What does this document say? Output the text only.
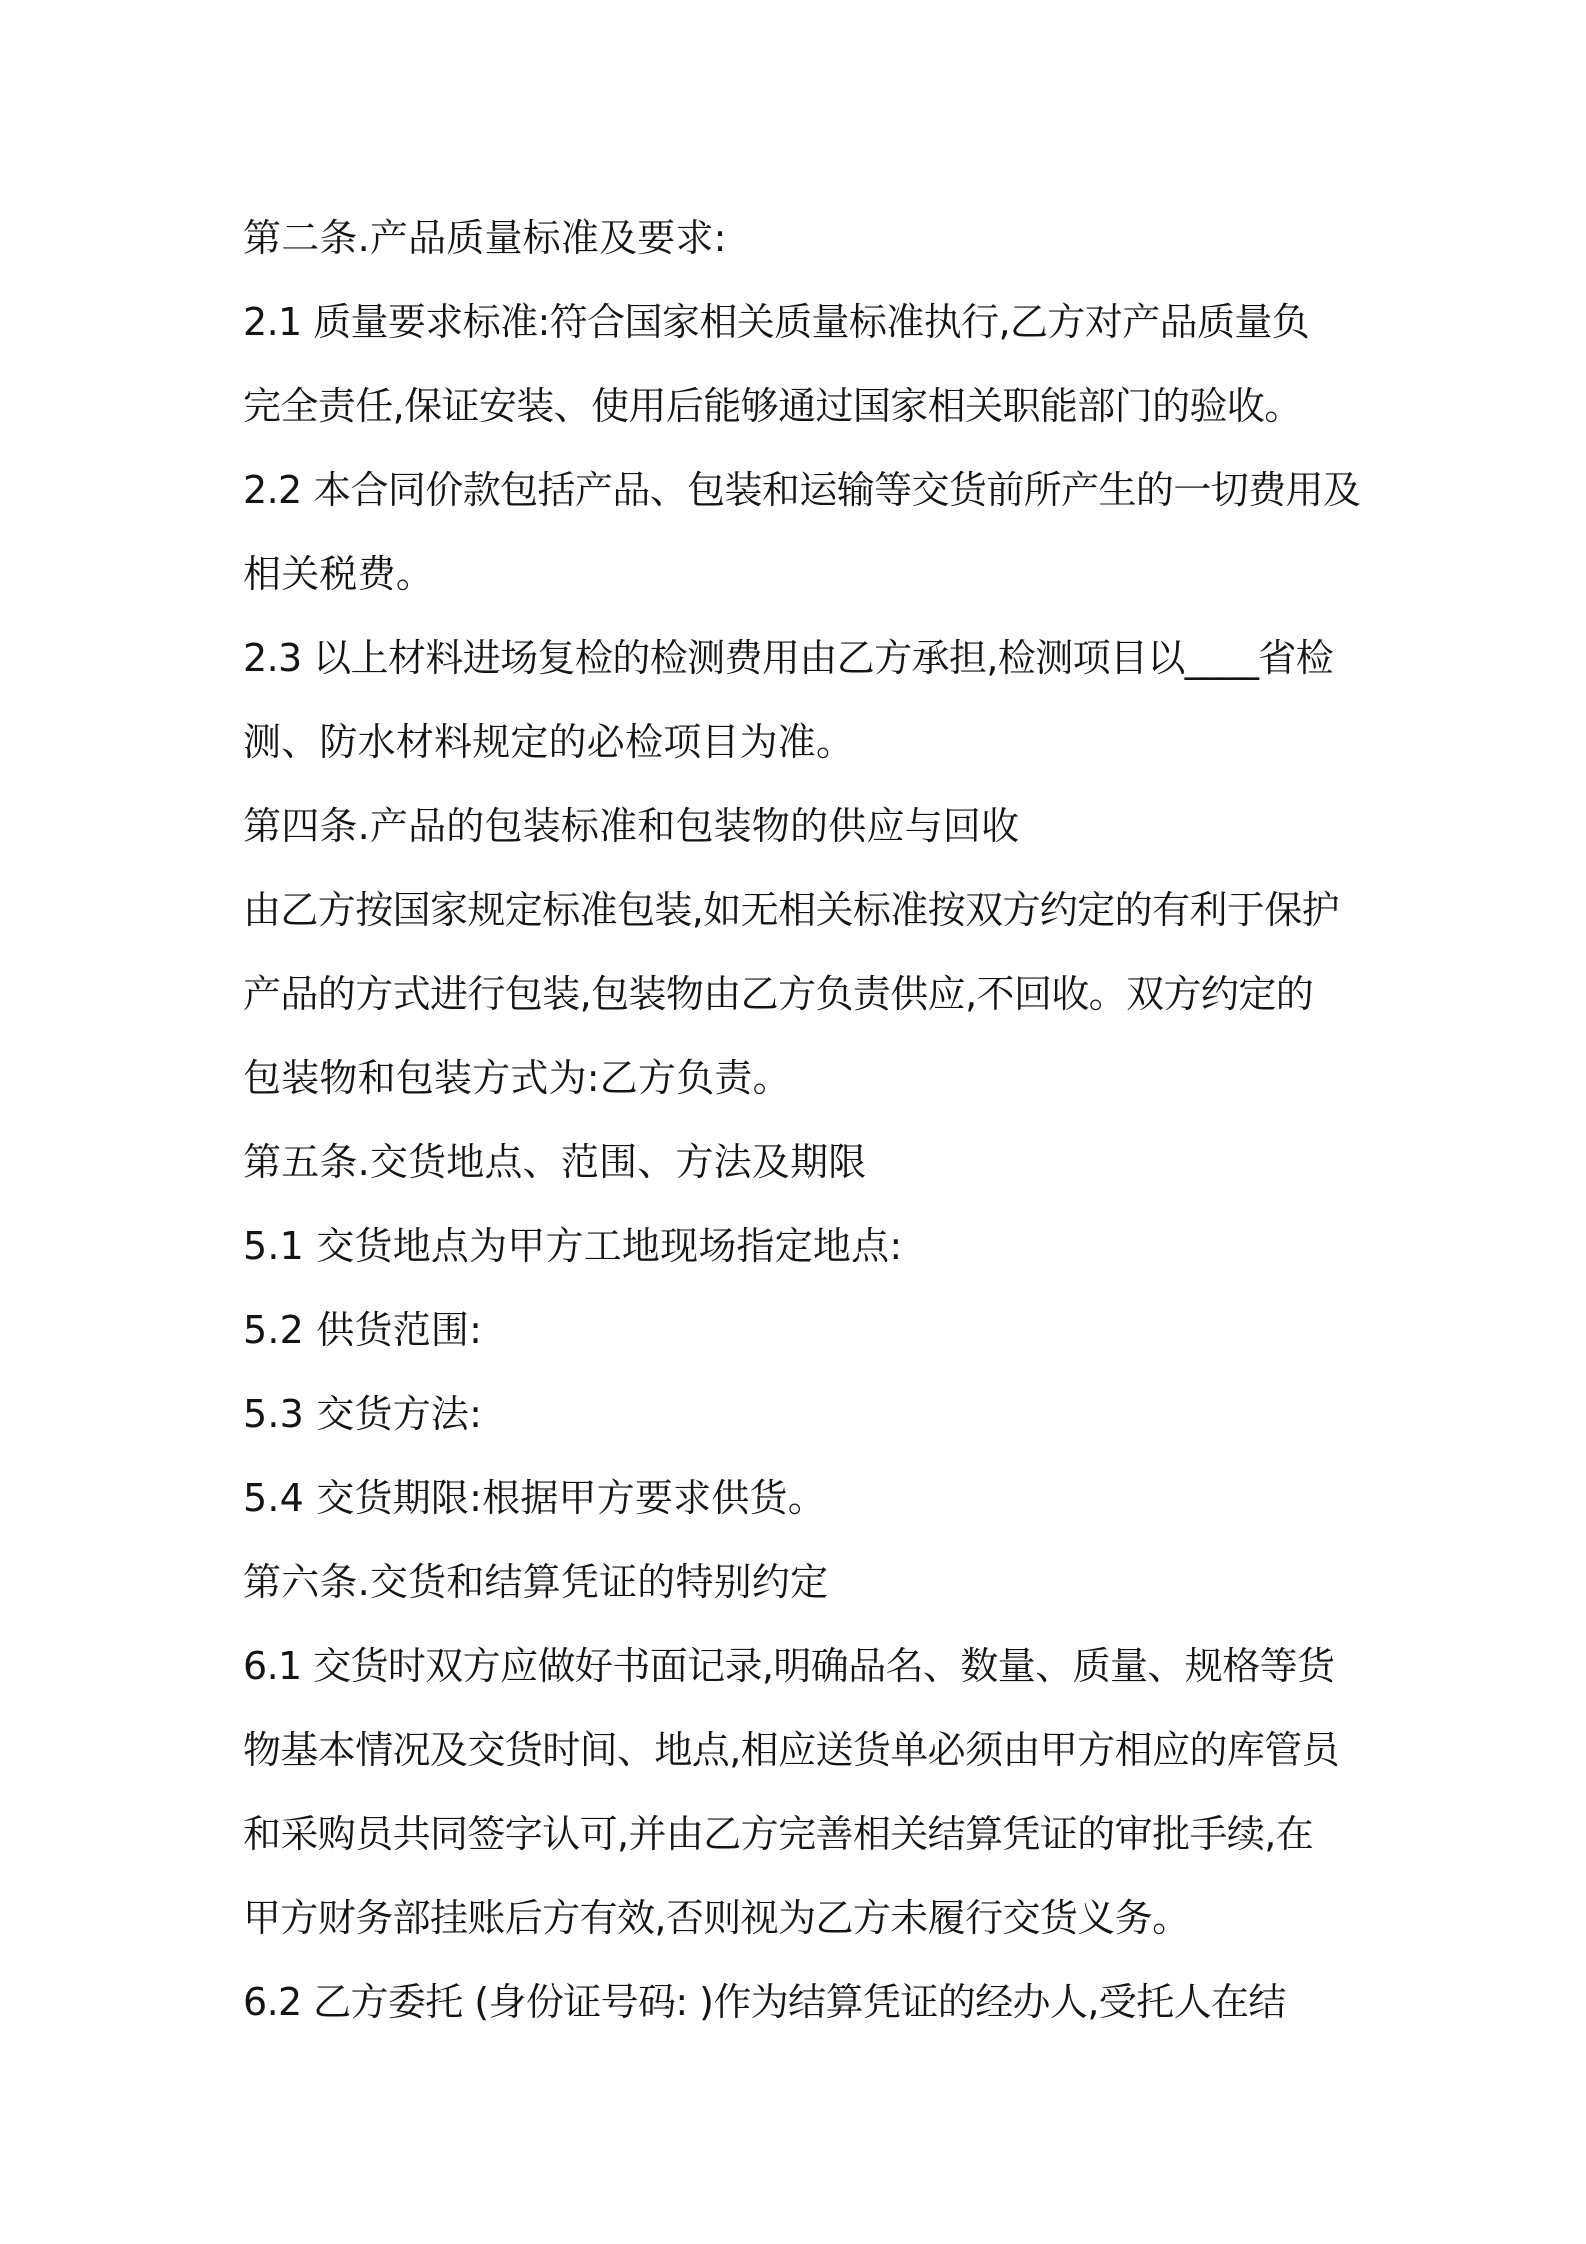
第二条.产品质量标准及要求:
2.1 质量要求标准:符合国家相关质量标准执行,乙方对产品质量负
完全责任,保证安装、使用后能够通过国家相关职能部门的验收。
2.2 本合同价款包括产品、包装和运输等交货前所产生的一切费用及
相关税费。
2.3 以上材料进场复检的检测费用由乙方承担,检测项目以____省检
测、防水材料规定的必检项目为准。
第四条.产品的包装标准和包装物的供应与回收
由乙方按国家规定标准包装,如无相关标准按双方约定的有利于保护
产品的方式进行包装,包装物由乙方负责供应,不回收。双方约定的
包装物和包装方式为:乙方负责。
第五条.交货地点、范围、方法及期限
5.1 交货地点为甲方工地现场指定地点:
5.2 供货范围:
5.3 交货方法:
5.4 交货期限:根据甲方要求供货。
第六条.交货和结算凭证的特别约定
6.1 交货时双方应做好书面记录,明确品名、数量、质量、规格等货
物基本情况及交货时间、地点,相应送货单必须由甲方相应的库管员
和采购员共同签字认可,并由乙方完善相关结算凭证的审批手续,在
甲方财务部挂账后方有效,否则视为乙方未履行交货义务。
6.2 乙方委托 (身份证号码: )作为结算凭证的经办人,受托人在结
